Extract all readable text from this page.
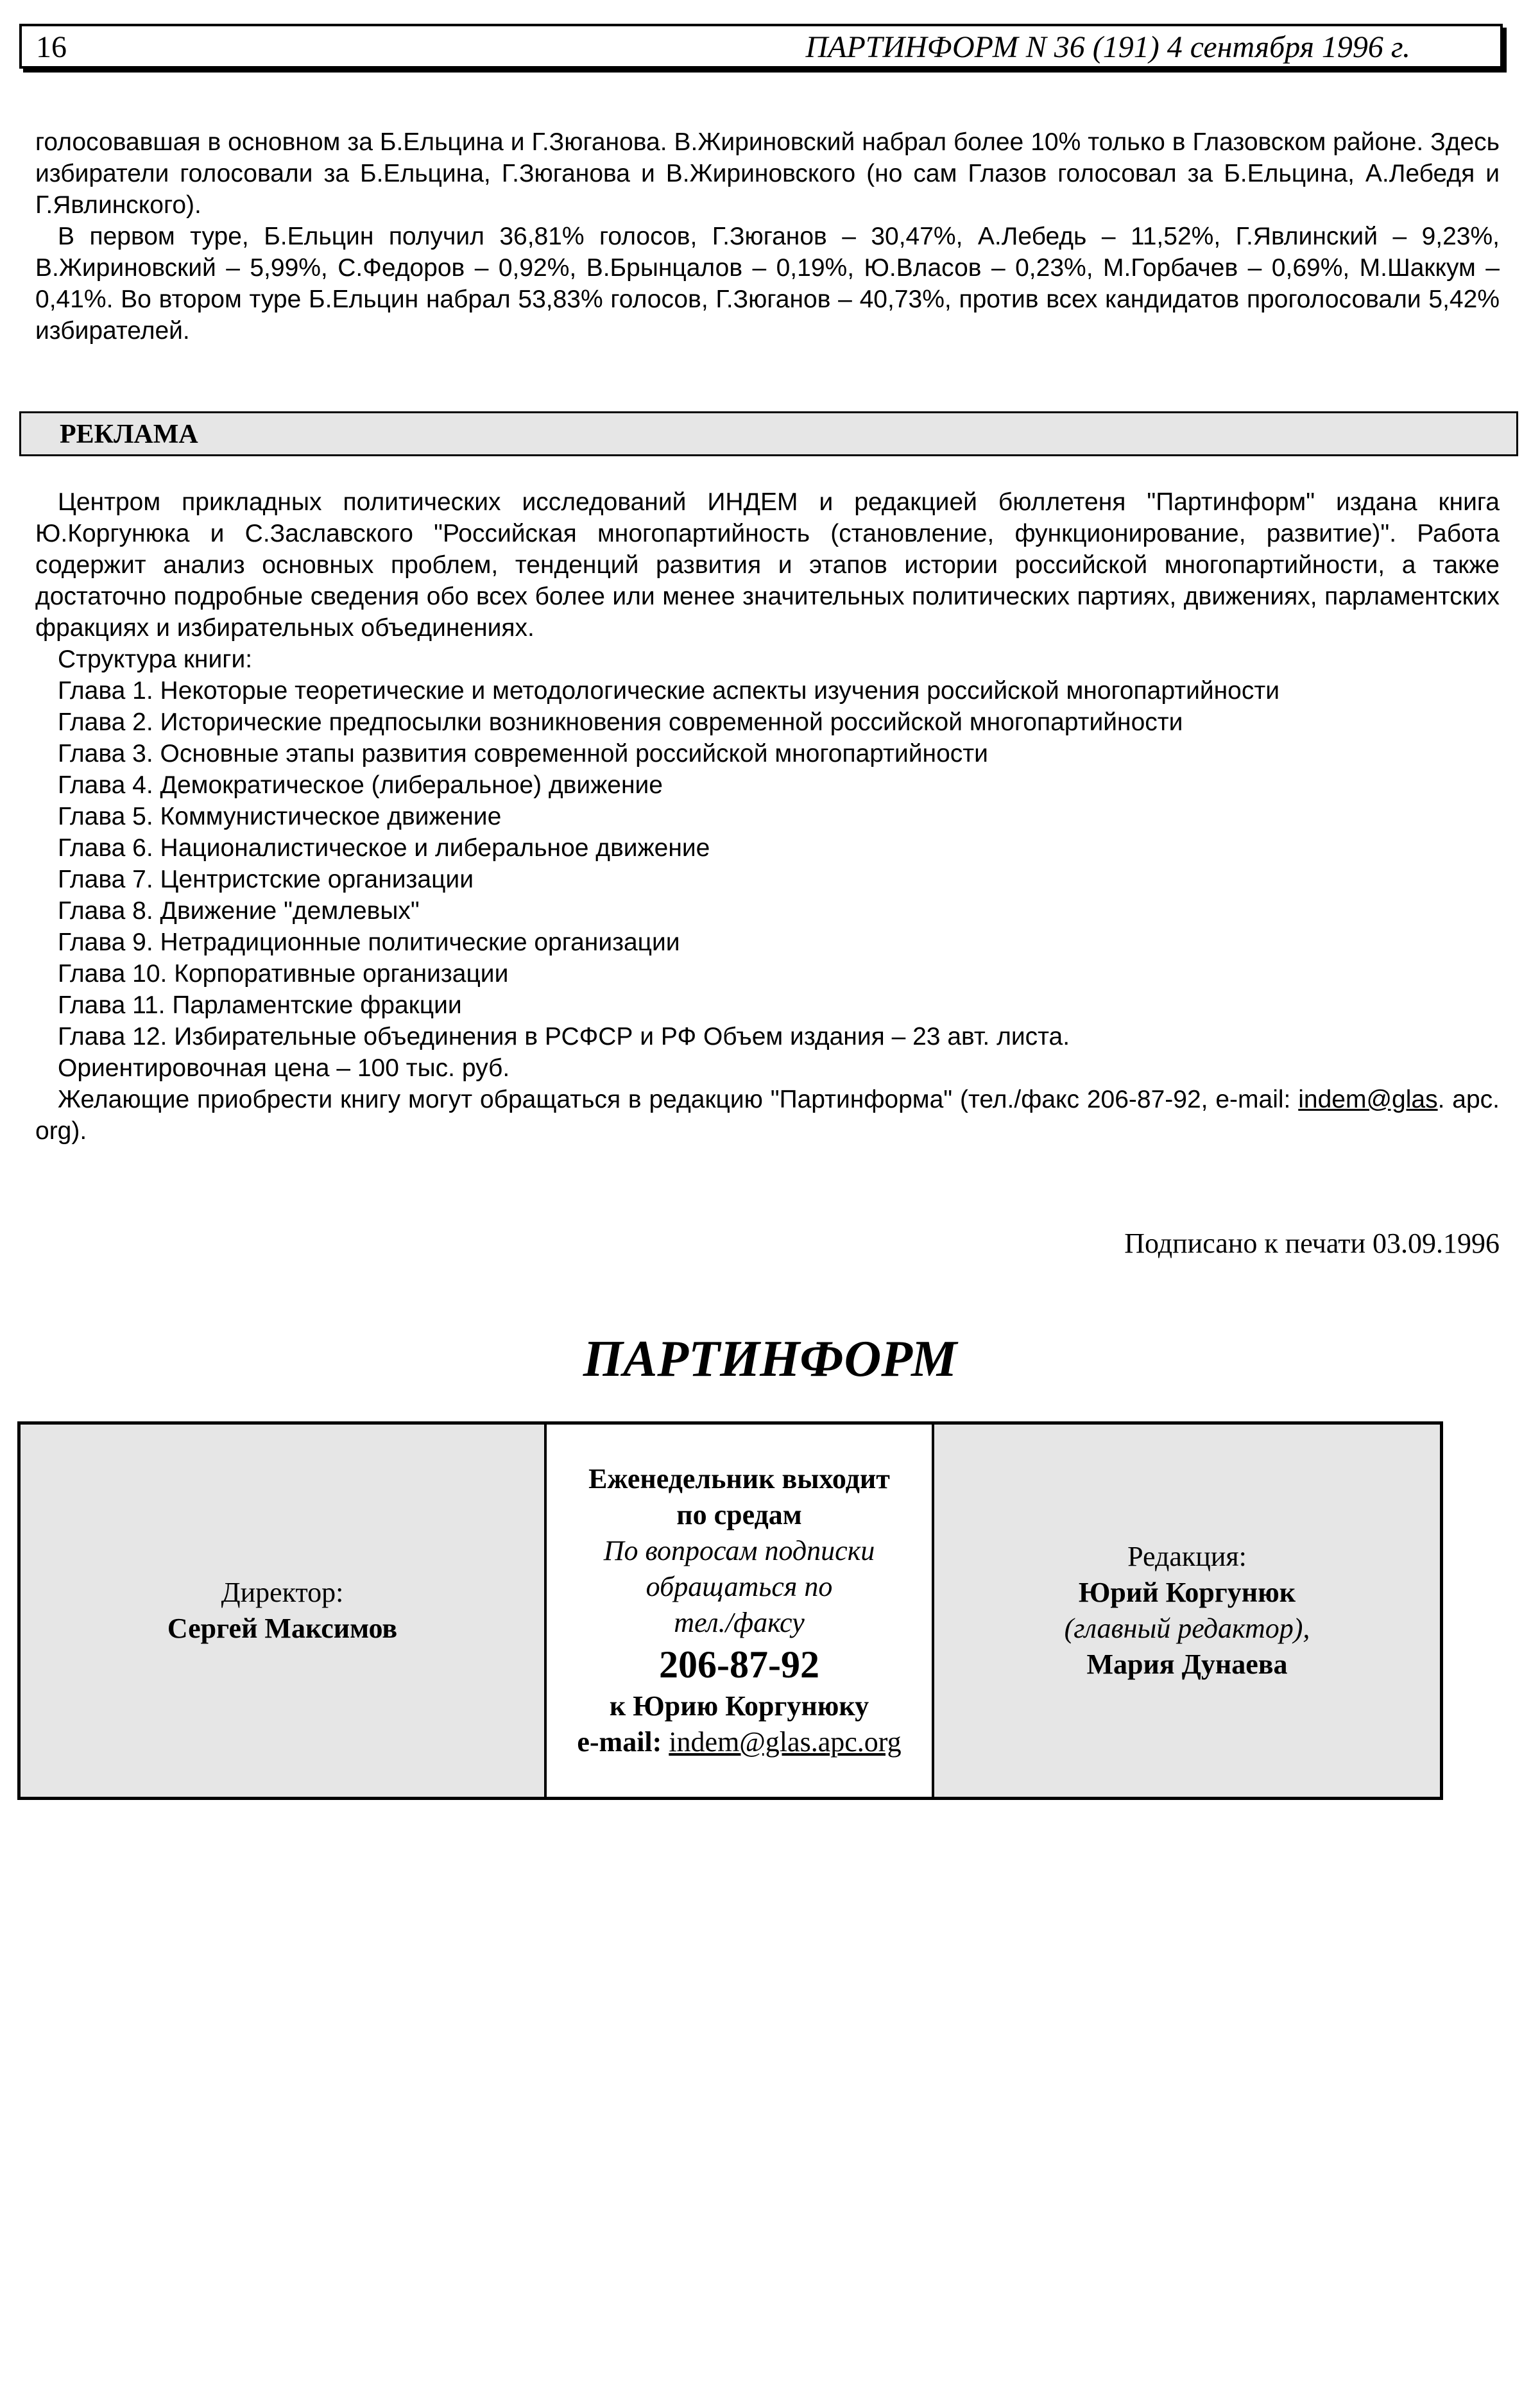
16	ПАРТИНФОРМ N 36 (191) 4 сентября 1996 г.

голосовавшая в основном за Б.Ельцина и Г.Зюганова. В.Жириновский набрал более 10% только в Глазовском районе. Здесь избиратели голосовали за Б.Ельцина, Г.Зюганова и В.Жириновского (но сам Глазов голосовал за Б.Ельцина, А.Лебедя и Г.Явлинского).

В первом туре, Б.Ельцин получил 36,81% голосов, Г.Зюганов – 30,47%, А.Лебедь – 11,52%, Г.Явлинский – 9,23%, В.Жириновский – 5,99%, С.Федоров – 0,92%, В.Брынцалов – 0,19%, Ю.Власов – 0,23%, М.Горбачев – 0,69%, М.Шаккум – 0,41%. Во втором туре Б.Ельцин набрал 53,83% голосов, Г.Зюганов – 40,73%, против всех кандидатов проголосовали 5,42% избирателей.

РЕКЛАМА

Центром прикладных политических исследований ИНДЕМ и редакцией бюллетеня "Партинформ" издана книга Ю.Коргунюка и С.Заславского "Российская многопартийность (становление, функционирование, развитие)". Работа содержит анализ основных проблем, тенденций развития и этапов истории российской многопартийности, а также достаточно подробные сведения обо всех более или менее значительных политических партиях, движениях, парламентских фракциях и избирательных объединениях.

Структура книги:
Глава 1. Некоторые теоретические и методологические аспекты изучения российской многопартийности
Глава 2. Исторические предпосылки возникновения современной российской многопартийности
Глава 3. Основные этапы развития современной российской многопартийности
Глава 4. Демократическое (либеральное) движение
Глава 5. Коммунистическое движение
Глава 6. Националистическое и либеральное движение
Глава 7. Центристские организации
Глава 8. Движение "демлевых"
Глава 9. Нетрадиционные политические организации
Глава 10. Корпоративные организации
Глава 11. Парламентские фракции
Глава 12. Избирательные объединения в РСФСР и РФ Объем издания – 23 авт. листа.
Ориентировочная цена – 100 тыс. руб.

Желающие приобрести книгу могут обращаться в редакцию "Партинформа" (тел./факс 206-87-92, e-mail: indem@glas. apc. org).

Подписано к печати 03.09.1996
ПАРТИНФОРМ
Директор:
Сергей Максимов
Еженедельник выходит
по средам
По вопросам подписки
обращаться по
тел./факсу
206-87-92
к Юрию Коргунюку
e-mail: indem@glas.apc.org
Редакция:
Юрий Коргунюк
(главный редактор),
Мария Дунаева
